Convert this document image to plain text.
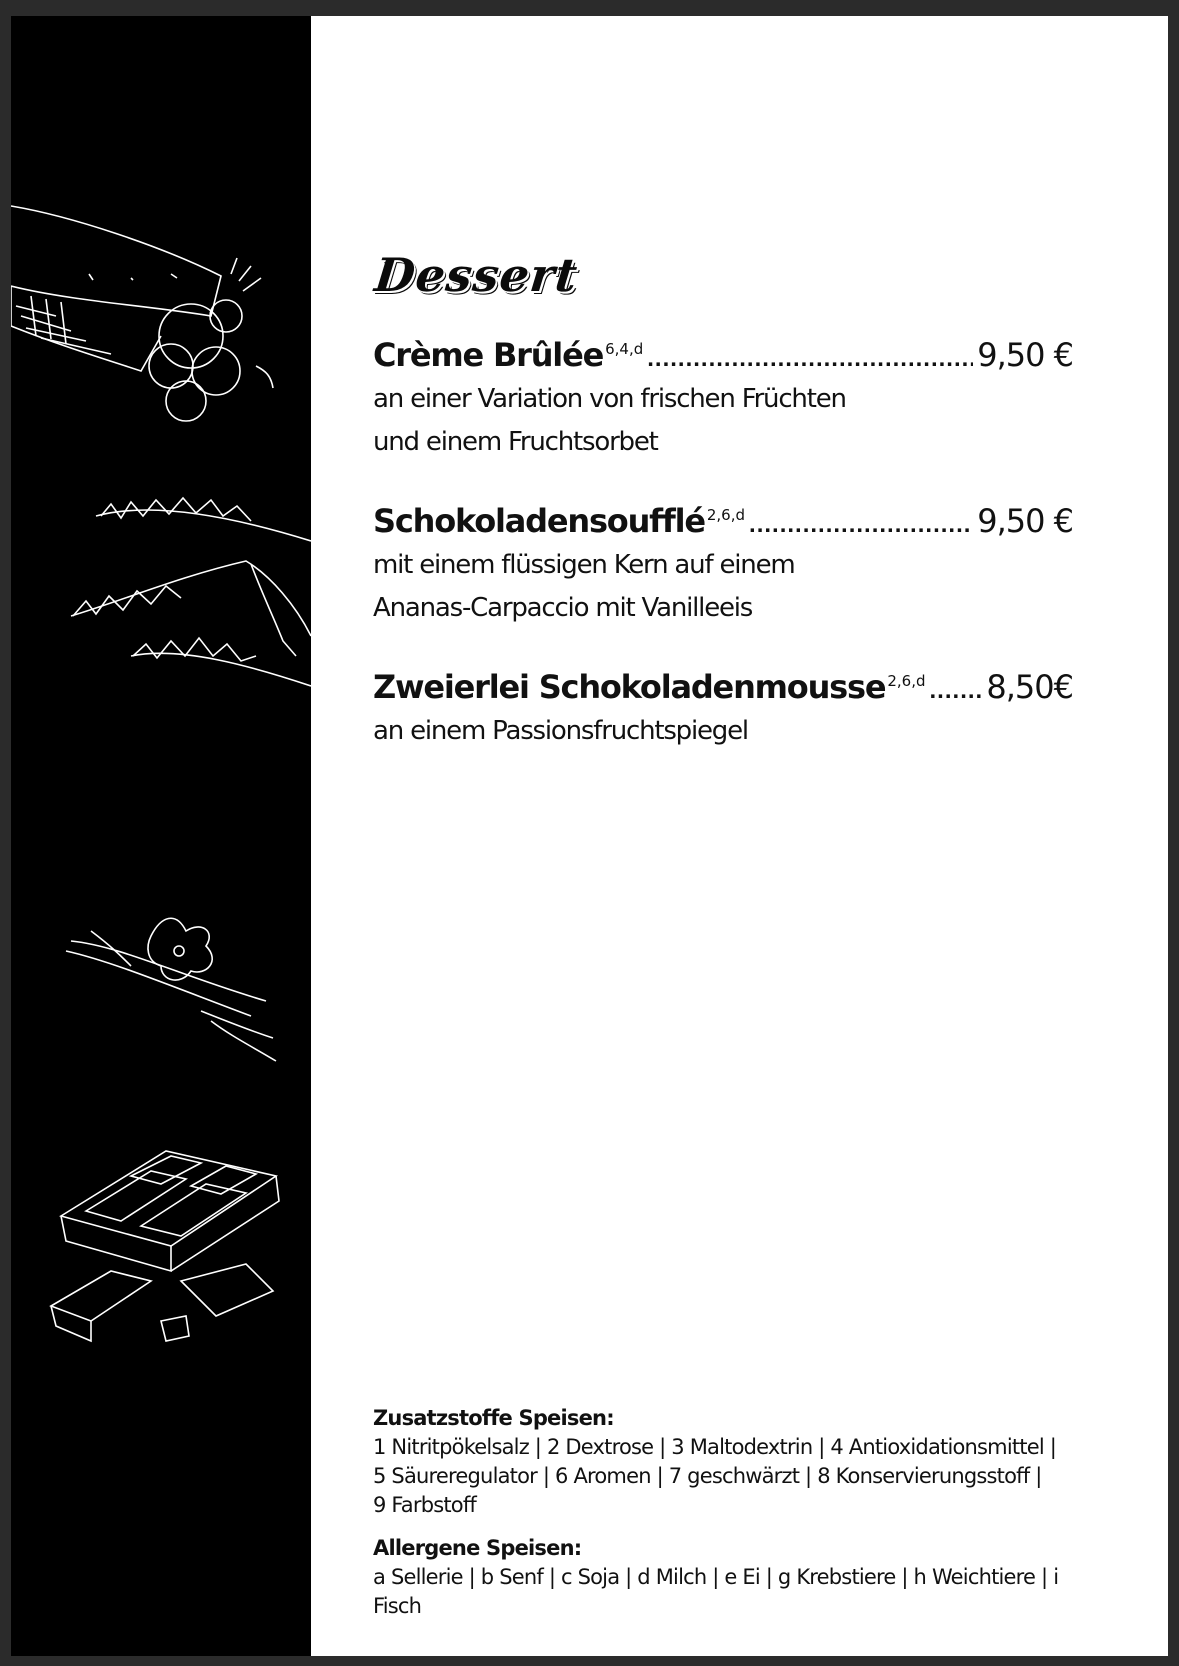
Dessert
Crème Brûlée $^{6,4,d}$ .....	9,50 €
an einer Variation von frischen Früchten
und einem Fruchtsorbet
Schokoladensoufflé $^{2,6,d}$ .....	9,50 €
mit einem flüssigen Kern auf einem
Ananas-Carpaccio mit Vanilleeis
Zweierlei Schokoladenmousse $^{2,6,d}$ ..... 8,50€
an einem Passionsfruchtspiegel
Zusatzstoffe Speisen:
1 Nitritpökelsalz | 2 Dextrose | 3 Maltodextrin | 4 Antioxidationsmittel |
5 Säureregulator | 6 Aromen | 7 geschwärzt | 8 Konservierungsstoff |
9 Farbstoff
Allergene Speisen:
a Sellerie | b Senf | c Soja | d Milch | e Ei | g Krebstiere | h Weichtiere | i Fisch
